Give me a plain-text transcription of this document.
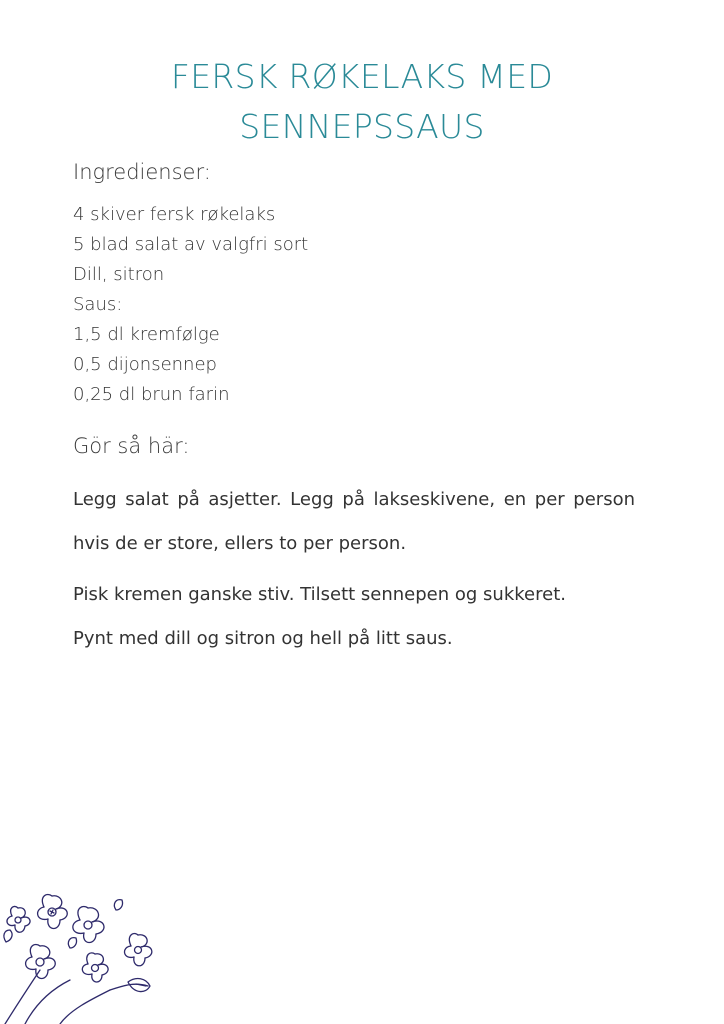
FERSK RØKELAKS MED
SENNEPSSAUS
Ingredienser:
4 skiver fersk røkelaks
5 blad salat av valgfri sort
Dill, sitron
Saus:
1,5 dl kremfølge
0,5 dijonsennep
0,25 dl brun farin
Gör så här:

Legg salat på asjetter. Legg på lakseskivene, en per person hvis de er store, ellers to per person.

Pisk kremen ganske stiv. Tilsett sennepen og sukkeret.

Pynt med dill og sitron og hell på litt saus.
